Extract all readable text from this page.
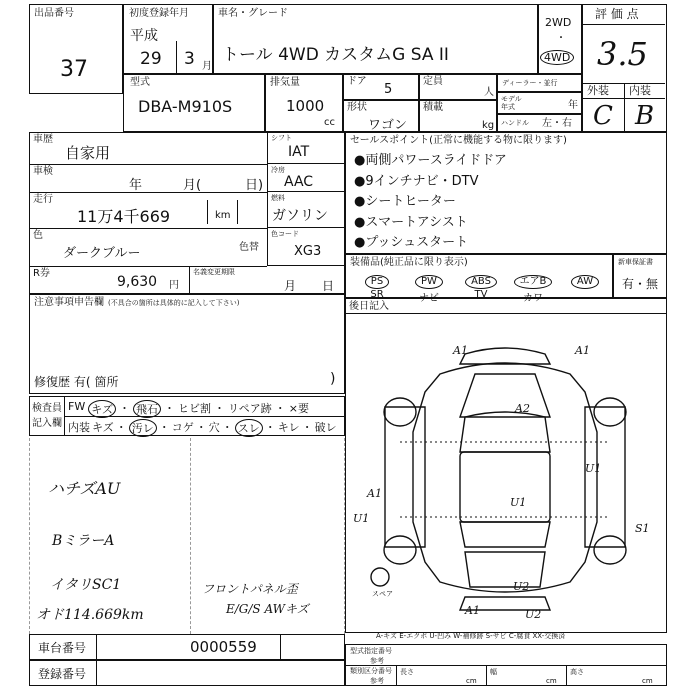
出品番号
37
初度登録年月
平成
29 3 月
車名・グレード
トール 4WD カスタムG SA II
2WD
・
4WD
評 価 点
3.5
外装 内装
C B
型式
DBA-M910S
排気量
1000
cc
ドア
5
定員
人
ディーラー・並行
形状
ワゴン
積載
kg
モデル
年式	年
ハンドル 左・右
車歴
自家用
シフト
IAT
車検
年	月(	日)
冷房
AAC
走行
11万4千669	km
燃料
ガソリン
色
ダークブルー	色替
色コード
XG3
R券
9,630 円
名義変更期限
月 日
セールスポイント(正常に機能する物に限ります)
●両側パワースライドドア
●9インチナビ・DTV
●シートヒーター
●スマートアシスト
●プッシュスタート
装備品(純正品に限り表示)
PS
SR
PW
ナビ
ABS
TV
エアB
カワ
AW
新車保証書
有・無
注意事項申告欄 (不具合の箇所は具体的に記入して下さい)
修復歴 有( 箇所	)
検査員
記入欄
FW キズ ・ 飛石 ・ ヒビ割 ・ リペア跡 ・ ×要
内装 キズ ・ 汚レ ・ コゲ ・ 穴 ・ スレ ・ キレ ・ 破レ
ハチズAU
BミラーA
イタリSC1
オド114.669km
フロントパネル歪
E/G/S AWキズ
後日記入
A1	A1
A2
U1
U1
A1
U1
S1
U2
A1	U2
スペア
A-キズ E-エクボ U-凹み W-補修跡 S-サビ C-腐食 XX-交換済
車台番号	0000559
登録番号
型式指定番号
参考
類別区分番号
参考
長さ
cm
幅
cm
高さ
cm
